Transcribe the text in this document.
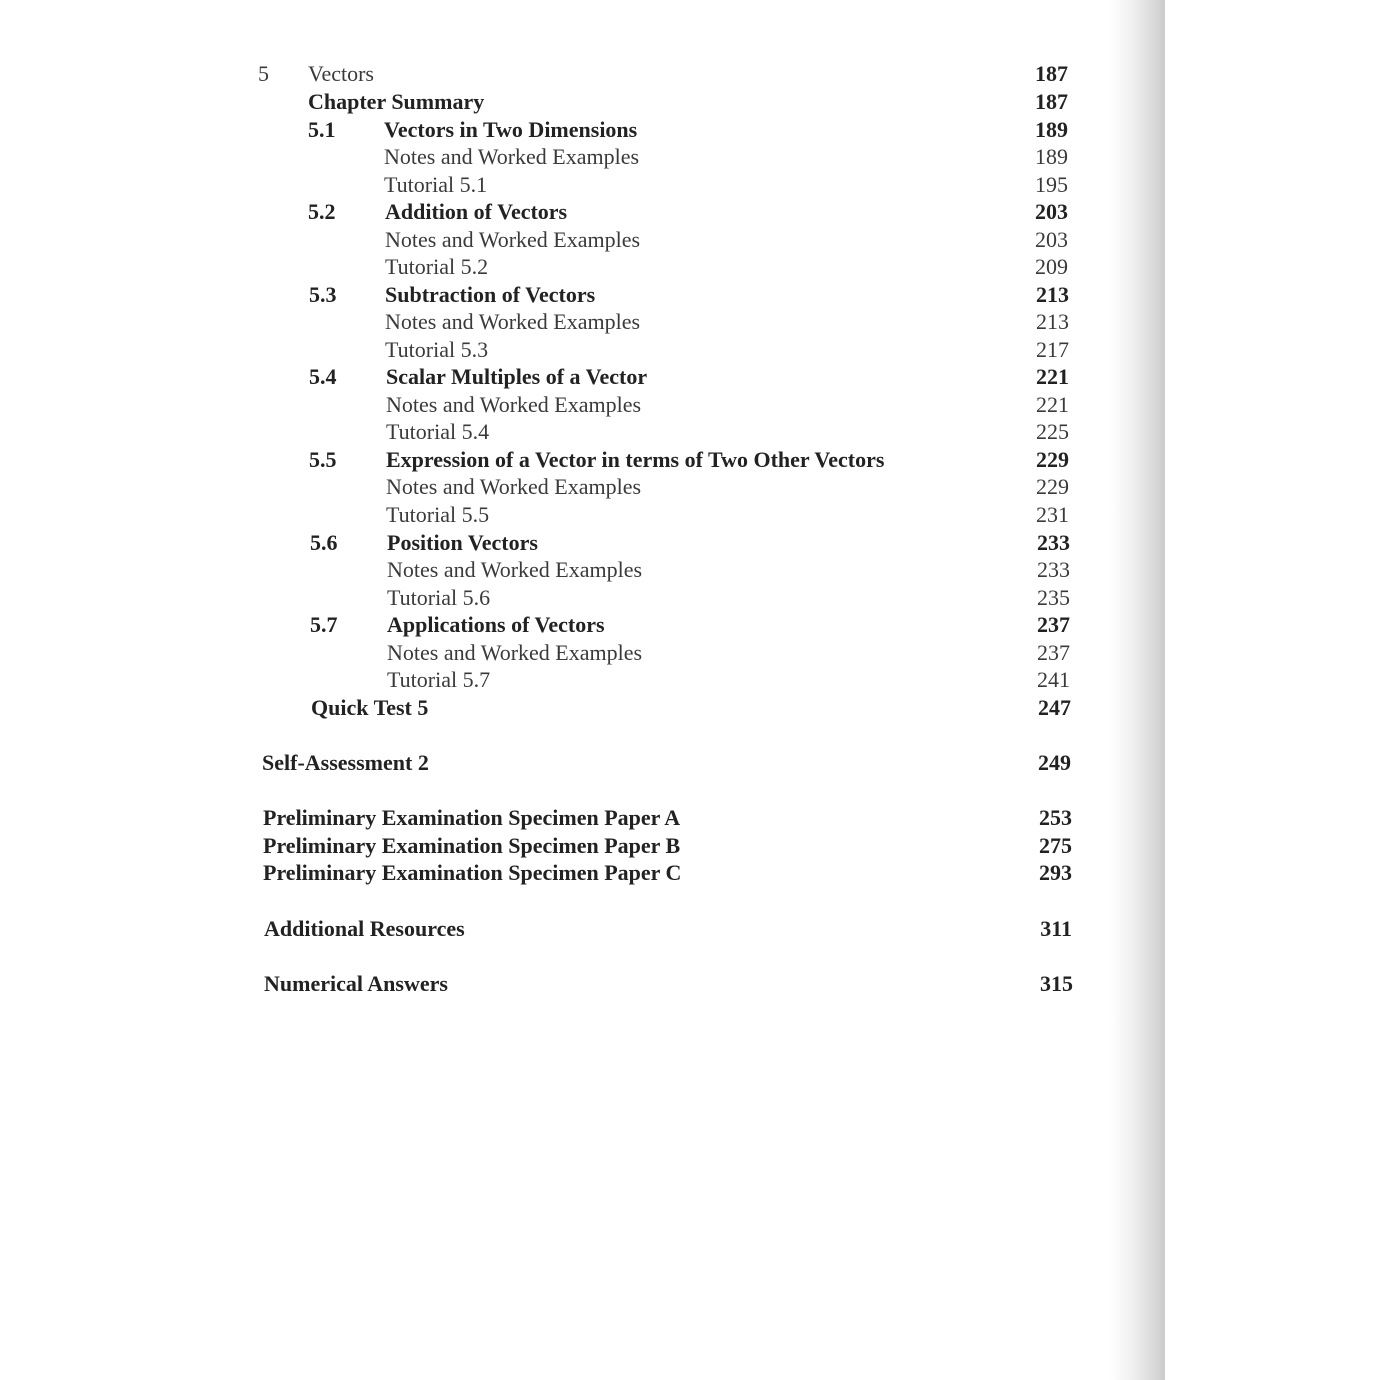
5 Vectors	187
Chapter Summary	187
5.1 Vectors in Two Dimensions	189
Notes and Worked Examples	189
Tutorial 5.1	195
5.2 Addition of Vectors	203
Notes and Worked Examples	203
Tutorial 5.2	209
5.3 Subtraction of Vectors	213
Notes and Worked Examples	213
Tutorial 5.3	217
5.4 Scalar Multiples of a Vector	221
Notes and Worked Examples	221
Tutorial 5.4	225
5.5 Expression of a Vector in terms of Two Other Vectors	229
Notes and Worked Examples	229
Tutorial 5.5	231
5.6 Position Vectors	233
Notes and Worked Examples	233
Tutorial 5.6	235
5.7 Applications of Vectors	237
Notes and Worked Examples	237
Tutorial 5.7	241
Quick Test 5	247
Self-Assessment 2	249
Preliminary Examination Specimen Paper A	253
Preliminary Examination Specimen Paper B	275
Preliminary Examination Specimen Paper C	293
Additional Resources	311
Numerical Answers	315
